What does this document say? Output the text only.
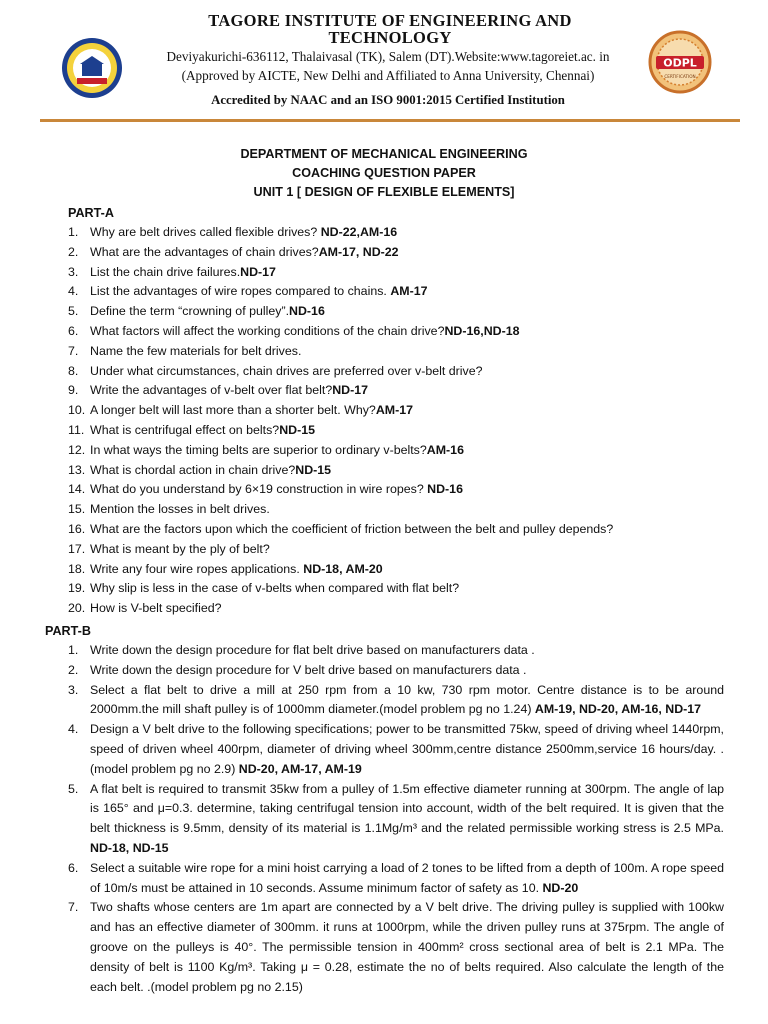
TAGORE INSTITUTE OF ENGINEERING AND TECHNOLOGY
Deviyakurichi-636112, Thalaivasal (TK), Salem (DT).Website:www.tagoreiet.ac. in
(Approved by AICTE, New Delhi and Affiliated to Anna University, Chennai)
Accredited by NAAC and an ISO 9001:2015 Certified Institution
ODPL
CERTIFICATION
DEPARTMENT OF MECHANICAL ENGINEERING
COACHING QUESTION PAPER
UNIT 1 [ DESIGN OF FLEXIBLE ELEMENTS]
PART-A
1. Why are belt drives called flexible drives? ND-22,AM-16
2. What are the advantages of chain drives?AM-17, ND-22
3. List the chain drive failures.ND-17
4. List the advantages of wire ropes compared to chains. AM-17
5. Define the term “crowning of pulley”.ND-16
6. What factors will affect the working conditions of the chain drive?ND-16,ND-18
7. Name the few materials for belt drives.
8. Under what circumstances, chain drives are preferred over v-belt drive?
9. Write the advantages of v-belt over flat belt?ND-17
10. A longer belt will last more than a shorter belt. Why?AM-17
11. What is centrifugal effect on belts?ND-15
12. In what ways the timing belts are superior to ordinary v-belts?AM-16
13. What is chordal action in chain drive?ND-15
14. What do you understand by 6×19 construction in wire ropes? ND-16
15. Mention the losses in belt drives.
16. What are the factors upon which the coefficient of friction between the belt and pulley depends?
17. What is meant by the ply of belt?
18. Write any four wire ropes applications. ND-18, AM-20
19. Why slip is less in the case of v-belts when compared with flat belt?
20. How is V-belt specified?
PART-B
1. Write down the design procedure for flat belt drive based on manufacturers data .
2. Write down the design procedure for V belt drive based on manufacturers data .
3. Select a flat belt to drive a mill at 250 rpm from a 10 kw, 730 rpm motor. Centre distance is to be around 2000mm.the mill shaft pulley is of 1000mm diameter.(model problem pg no 1.24) AM-19, ND-20, AM-16, ND-17
4. Design a V belt drive to the following specifications; power to be transmitted 75kw, speed of driving wheel 1440rpm, speed of driven wheel 400rpm, diameter of driving wheel 300mm,centre distance 2500mm,service 16 hours/day. .(model problem pg no 2.9) ND-20, AM-17, AM-19
5. A flat belt is required to transmit 35kw from a pulley of 1.5m effective diameter running at 300rpm. The angle of lap is 165° and μ=0.3. determine, taking centrifugal tension into account, width of the belt required. It is given that the belt thickness is 9.5mm, density of its material is 1.1Mg/m³ and the related permissible working stress is 2.5 MPa. ND-18, ND-15
6. Select a suitable wire rope for a mini hoist carrying a load of 2 tones to be lifted from a depth of 100m. A rope speed of 10m/s must be attained in 10 seconds. Assume minimum factor of safety as 10. ND-20
7. Two shafts whose centers are 1m apart are connected by a V belt drive. The driving pulley is supplied with 100kw and has an effective diameter of 300mm. it runs at 1000rpm, while the driven pulley runs at 375rpm. The angle of groove on the pulleys is 40°. The permissible tension in 400mm² cross sectional area of belt is 2.1 MPa. The density of belt is 1100 Kg/m³. Taking μ = 0.28, estimate the no of belts required. Also calculate the length of the each belt. .(model problem pg no 2.15)
